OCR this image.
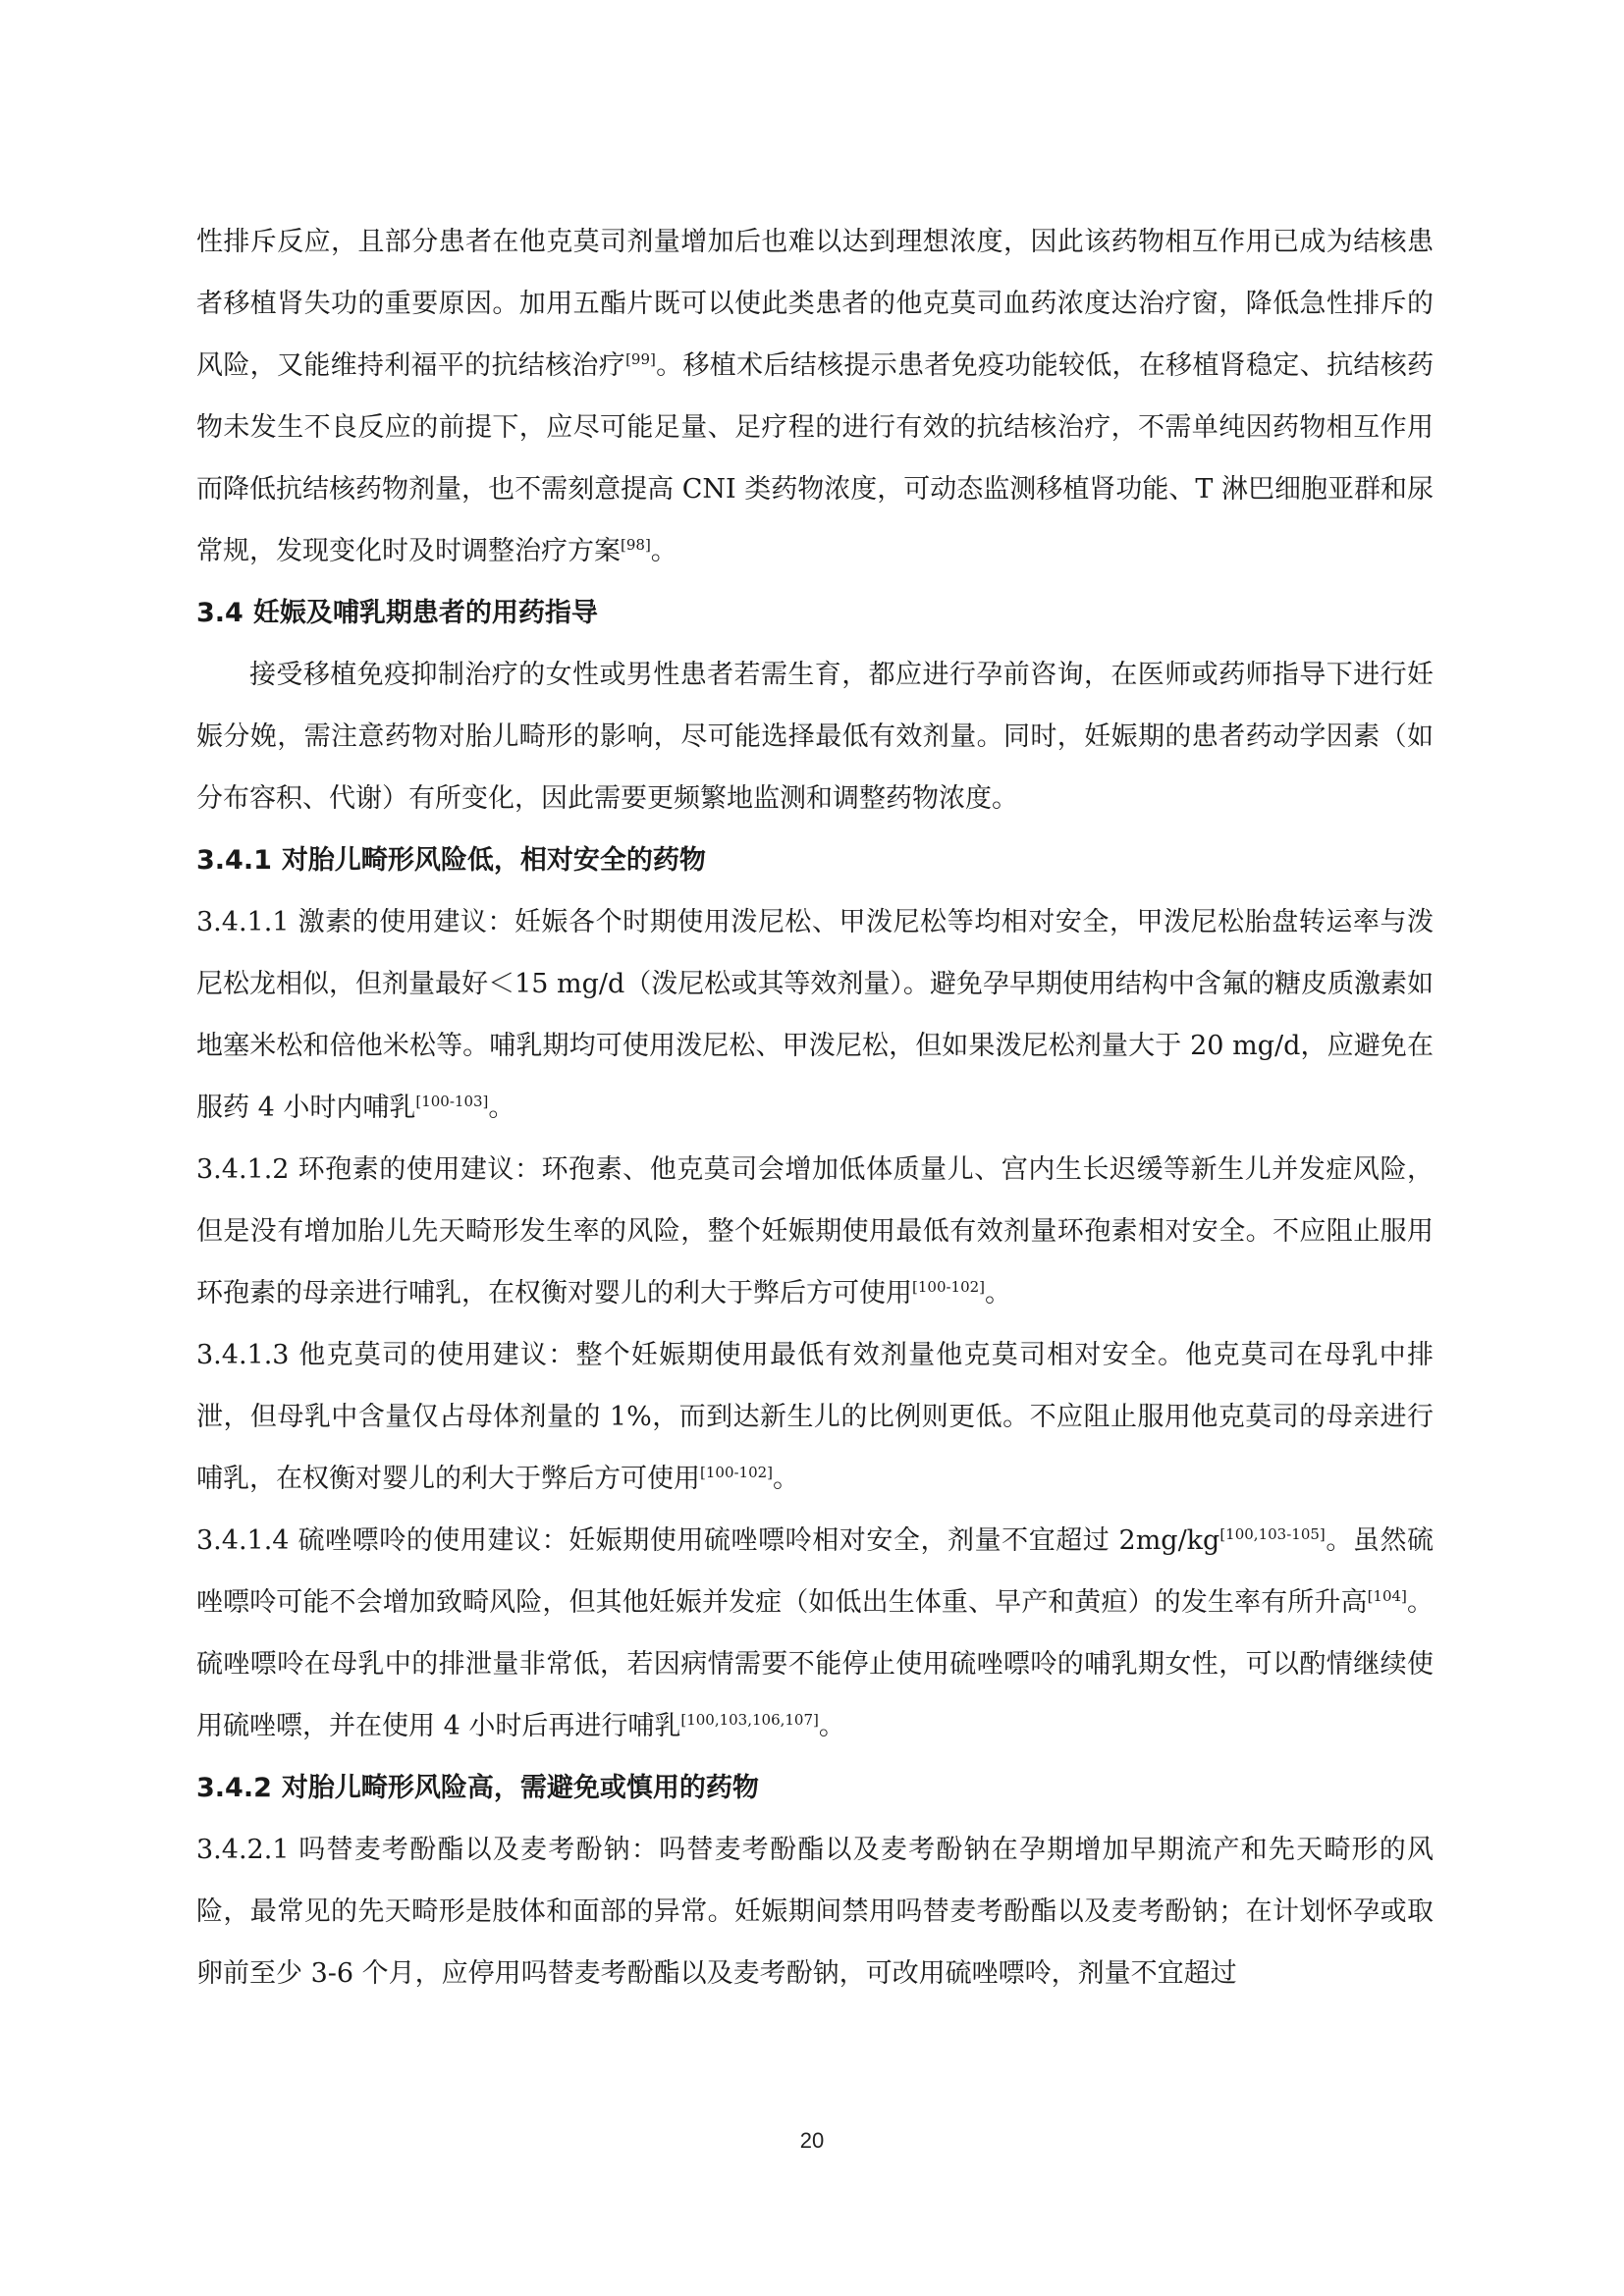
性排斥反应，且部分患者在他克莫司剂量增加后也难以达到理想浓度，因此该药物相互作用已成为结核患者移植肾失功的重要原因。加用五酯片既可以使此类患者的他克莫司血药浓度达治疗窗，降低急性排斥的风险，又能维持利福平的抗结核治疗[99]。移植术后结核提示患者免疫功能较低，在移植肾稳定、抗结核药物未发生不良反应的前提下，应尽可能足量、足疗程的进行有效的抗结核治疗，不需单纯因药物相互作用而降低抗结核药物剂量，也不需刻意提高 CNI 类药物浓度，可动态监测移植肾功能、T 淋巴细胞亚群和尿常规，发现变化时及时调整治疗方案[98]。

3.4 妊娠及哺乳期患者的用药指导

接受移植免疫抑制治疗的女性或男性患者若需生育，都应进行孕前咨询，在医师或药师指导下进行妊娠分娩，需注意药物对胎儿畸形的影响，尽可能选择最低有效剂量。同时，妊娠期的患者药动学因素（如分布容积、代谢）有所变化，因此需要更频繁地监测和调整药物浓度。

3.4.1 对胎儿畸形风险低，相对安全的药物

3.4.1.1 激素的使用建议：妊娠各个时期使用泼尼松、甲泼尼松等均相对安全，甲泼尼松胎盘转运率与泼尼松龙相似，但剂量最好＜15 mg/d（泼尼松或其等效剂量）。避免孕早期使用结构中含氟的糖皮质激素如地塞米松和倍他米松等。哺乳期均可使用泼尼松、甲泼尼松，但如果泼尼松剂量大于 20 mg/d，应避免在服药 4 小时内哺乳[100-103]。

3.4.1.2 环孢素的使用建议：环孢素、他克莫司会增加低体质量儿、宫内生长迟缓等新生儿并发症风险，但是没有增加胎儿先天畸形发生率的风险，整个妊娠期使用最低有效剂量环孢素相对安全。不应阻止服用环孢素的母亲进行哺乳，在权衡对婴儿的利大于弊后方可使用[100-102]。

3.4.1.3 他克莫司的使用建议：整个妊娠期使用最低有效剂量他克莫司相对安全。他克莫司在母乳中排泄，但母乳中含量仅占母体剂量的 1%，而到达新生儿的比例则更低。不应阻止服用他克莫司的母亲进行哺乳，在权衡对婴儿的利大于弊后方可使用[100-102]。

3.4.1.4 硫唑嘌呤的使用建议：妊娠期使用硫唑嘌呤相对安全，剂量不宜超过 2mg/kg[100,103-105]。虽然硫唑嘌呤可能不会增加致畸风险，但其他妊娠并发症（如低出生体重、早产和黄疸）的发生率有所升高[104]。硫唑嘌呤在母乳中的排泄量非常低，若因病情需要不能停止使用硫唑嘌呤的哺乳期女性，可以酌情继续使用硫唑嘌，并在使用 4 小时后再进行哺乳[100,103,106,107]。

3.4.2 对胎儿畸形风险高，需避免或慎用的药物

3.4.2.1 吗替麦考酚酯以及麦考酚钠：吗替麦考酚酯以及麦考酚钠在孕期增加早期流产和先天畸形的风险，最常见的先天畸形是肢体和面部的异常。妊娠期间禁用吗替麦考酚酯以及麦考酚钠；在计划怀孕或取卵前至少 3-6 个月，应停用吗替麦考酚酯以及麦考酚钠，可改用硫唑嘌呤，剂量不宜超过

20
